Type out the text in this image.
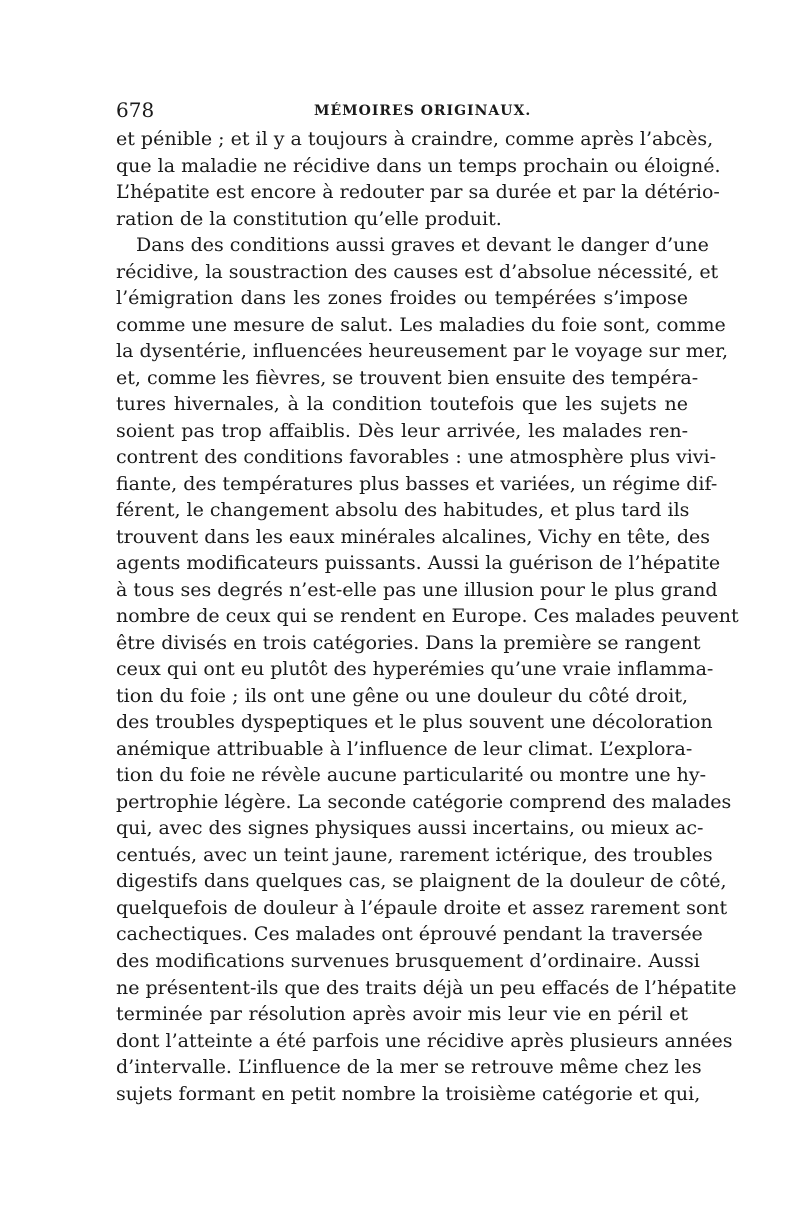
678	MÉMOIRES ORIGINAUX.
et pénible ; et il y a toujours à craindre, comme après l’abcès,
que la maladie ne récidive dans un temps prochain ou éloigné.
L’hépatite est encore à redouter par sa durée et par la détério-
ration de la constitution qu’elle produit.
Dans des conditions aussi graves et devant le danger d’une
récidive, la soustraction des causes est d’absolue nécessité, et
l’émigration dans les zones froides ou tempérées s’impose
comme une mesure de salut. Les maladies du foie sont, comme
la dysentérie, influencées heureusement par le voyage sur mer,
et, comme les fièvres, se trouvent bien ensuite des tempéra-
tures hivernales, à la condition toutefois que les sujets ne
soient pas trop affaiblis. Dès leur arrivée, les malades ren-
contrent des conditions favorables : une atmosphère plus vivi-
fiante, des températures plus basses et variées, un régime dif-
férent, le changement absolu des habitudes, et plus tard ils
trouvent dans les eaux minérales alcalines, Vichy en tête, des
agents modificateurs puissants. Aussi la guérison de l’hépatite
à tous ses degrés n’est-elle pas une illusion pour le plus grand
nombre de ceux qui se rendent en Europe. Ces malades peuvent
être divisés en trois catégories. Dans la première se rangent
ceux qui ont eu plutôt des hyperémies qu’une vraie inflamma-
tion du foie ; ils ont une gêne ou une douleur du côté droit,
des troubles dyspeptiques et le plus souvent une décoloration
anémique attribuable à l’influence de leur climat. L’explora-
tion du foie ne révèle aucune particularité ou montre une hy-
pertrophie légère. La seconde catégorie comprend des malades
qui, avec des signes physiques aussi incertains, ou mieux ac-
centués, avec un teint jaune, rarement ictérique, des troubles
digestifs dans quelques cas, se plaignent de la douleur de côté,
quelquefois de douleur à l’épaule droite et assez rarement sont
cachectiques. Ces malades ont éprouvé pendant la traversée
des modifications survenues brusquement d’ordinaire. Aussi
ne présentent-ils que des traits déjà un peu effacés de l’hépatite
terminée par résolution après avoir mis leur vie en péril et
dont l’atteinte a été parfois une récidive après plusieurs années
d’intervalle. L’influence de la mer se retrouve même chez les
sujets formant en petit nombre la troisième catégorie et qui,
